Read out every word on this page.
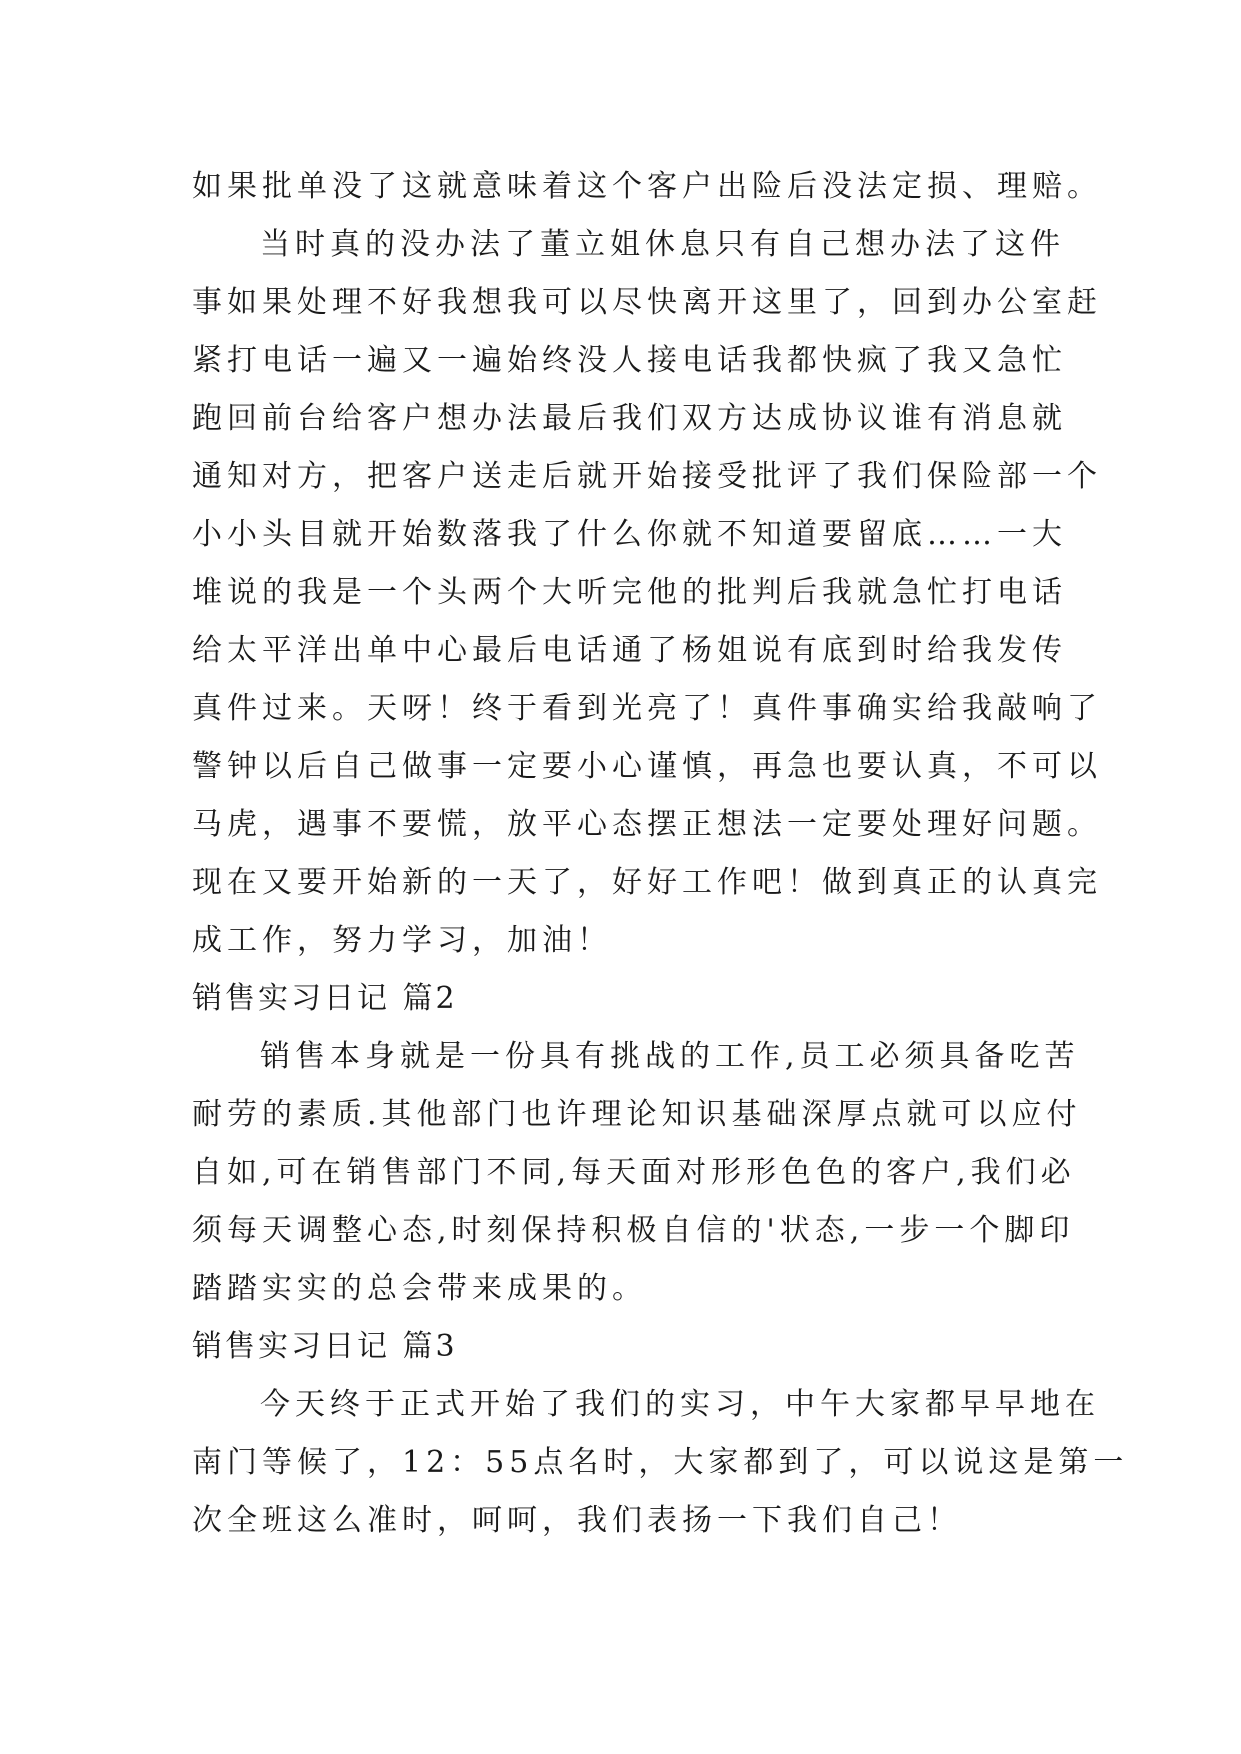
如果批单没了这就意味着这个客户出险后没法定损、理赔。
当时真的没办法了董立姐休息只有自己想办法了这件
事如果处理不好我想我可以尽快离开这里了，回到办公室赶
紧打电话一遍又一遍始终没人接电话我都快疯了我又急忙
跑回前台给客户想办法最后我们双方达成协议谁有消息就
通知对方，把客户送走后就开始接受批评了我们保险部一个
小小头目就开始数落我了什么你就不知道要留底……一大
堆说的我是一个头两个大听完他的批判后我就急忙打电话
给太平洋出单中心最后电话通了杨姐说有底到时给我发传
真件过来。天呀！终于看到光亮了！真件事确实给我敲响了
警钟以后自己做事一定要小心谨慎，再急也要认真，不可以
马虎，遇事不要慌，放平心态摆正想法一定要处理好问题。
现在又要开始新的一天了，好好工作吧！做到真正的认真完
成工作，努力学习，加油！
销售实习日记 篇2
销售本身就是一份具有挑战的工作,员工必须具备吃苦
耐劳的素质.其他部门也许理论知识基础深厚点就可以应付
自如,可在销售部门不同,每天面对形形色色的客户,我们必
须每天调整心态,时刻保持积极自信的'状态,一步一个脚印
踏踏实实的总会带来成果的。
销售实习日记 篇3
今天终于正式开始了我们的实习，中午大家都早早地在
南门等候了，12：55点名时，大家都到了，可以说这是第一
次全班这么准时，呵呵，我们表扬一下我们自己！
